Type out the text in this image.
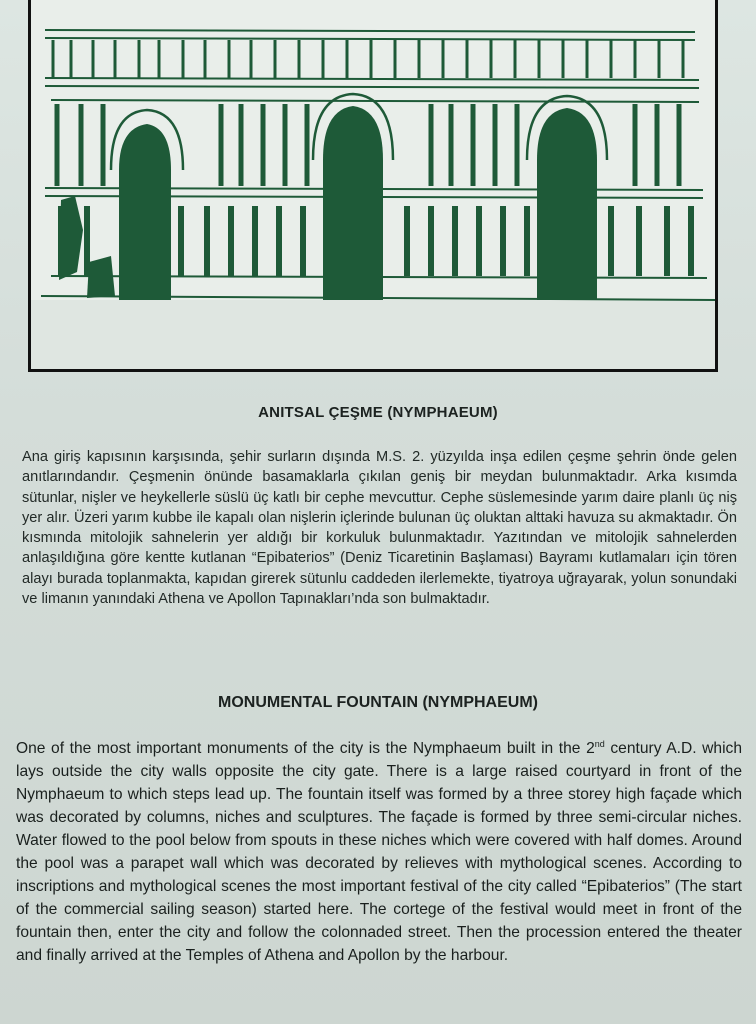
ANITSAL ÇEŞME (NYMPHAEUM)

Ana giriş kapısının karşısında, şehir surların dışında M.S. 2. yüzyılda inşa edilen çeşme şehrin önde gelen anıtlarındandır. Çeşmenin önünde basamaklarla çıkılan geniş bir meydan bulunmaktadır. Arka kısımda sütunlar, nişler ve heykellerle süslü üç katlı bir cephe mevcuttur. Cephe süslemesinde yarım daire planlı üç niş yer alır. Üzeri yarım kubbe ile kapalı olan nişlerin içlerinde bulunan üç oluktan alttaki havuza su akmaktadır. Ön kısmında mitolojik sahnelerin yer aldığı bir korkuluk bulunmaktadır. Yazıtından ve mitolojik sahnelerden anlaşıldığına göre kentte kutlanan “Epibaterios” (Deniz Ticaretinin Başlaması) Bayramı kutlamaları için tören alayı burada toplanmakta, kapıdan girerek sütunlu caddeden ilerlemekte, tiyatroya uğrayarak, yolun sonundaki ve limanın yanındaki Athena ve Apollon Tapınakları’nda son bulmaktadır.

MONUMENTAL FOUNTAIN (NYMPHAEUM)

One of the most important monuments of the city is the Nymphaeum built in the 2nd century A.D. which lays outside the city walls opposite the city gate. There is a large raised courtyard in front of the Nymphaeum to which steps lead up. The fountain itself was formed by a three storey high façade which was decorated by columns, niches and sculptures. The façade is formed by three semi-circular niches. Water flowed to the pool below from spouts in these niches which were covered with half domes. Around the pool was a parapet wall which was decorated by relieves with mythological scenes. According to inscriptions and mythological scenes the most important festival of the city called “Epibaterios” (The start of the commercial sailing season) started here. The cortege of the festival would meet in front of the fountain then, enter the city and follow the colonnaded street. Then the procession entered the theater and finally arrived at the Temples of Athena and Apollon by the harbour.
